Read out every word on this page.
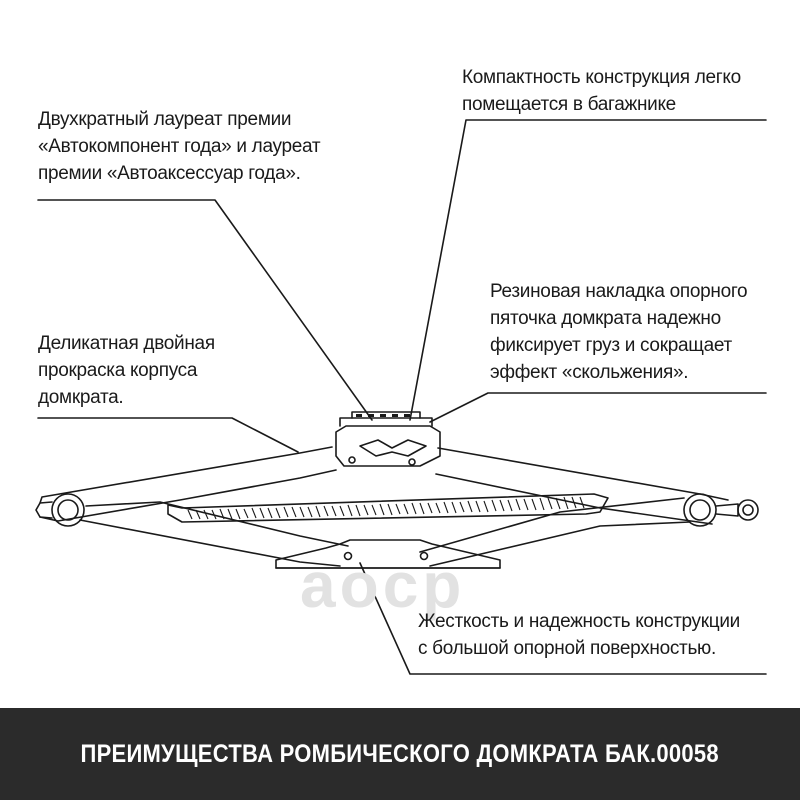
aocp
Двухкратный лауреат премии
«Автокомпонент года» и лауреат
премии «Автоаксессуар года».
Компактность конструкция легко
помещается в багажнике
Резиновая накладка опорного
пяточка домкрата надежно
фиксирует груз и сокращает
эффект «скольжения».
Деликатная двойная
прокраска корпуса
домкрата.
Жесткость и надежность конструкции
с большой опорной поверхностью.
ПРЕИМУЩЕСТВА РОМБИЧЕСКОГО ДОМКРАТА БАК.00058
